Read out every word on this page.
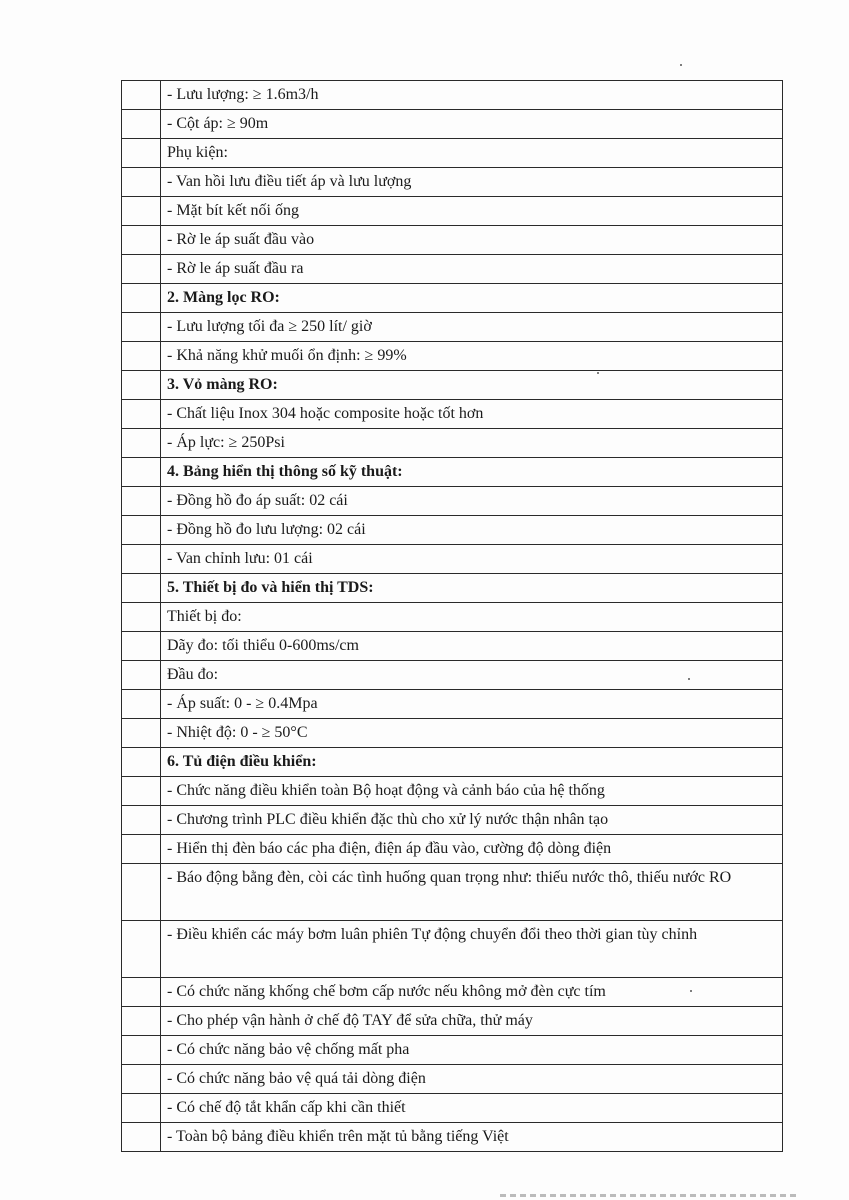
	- Lưu lượng: ≥ 1.6m3/h
	- Cột áp: ≥ 90m
	Phụ kiện:
	- Van hồi lưu điều tiết áp và lưu lượng
	- Mặt bít kết nối ống
	- Rờ le áp suất đầu vào
	- Rờ le áp suất đầu ra
	2. Màng lọc RO:
	- Lưu lượng tối đa ≥ 250 lít/ giờ
	- Khả năng khử muối ổn định: ≥ 99%
	3. Vỏ màng RO:
	- Chất liệu Inox 304 hoặc composite hoặc tốt hơn
	- Áp lực: ≥ 250Psi
	4. Bảng hiển thị thông số kỹ thuật:
	- Đồng hồ đo áp suất: 02 cái
	- Đồng hồ đo lưu lượng: 02 cái
	- Van chỉnh lưu: 01 cái
	5. Thiết bị đo và hiển thị TDS:
	Thiết bị đo:
	Dãy đo: tối thiểu 0-600ms/cm
	Đầu đo:
	- Áp suất: 0 - ≥ 0.4Mpa
	- Nhiệt độ: 0 - ≥ 50°C
	6. Tủ điện điều khiển:
	- Chức năng điều khiển toàn Bộ hoạt động và cảnh báo của hệ thống
	- Chương trình PLC điều khiển đặc thù cho xử lý nước thận nhân tạo
	- Hiển thị đèn báo các pha điện, điện áp đầu vào, cường độ dòng điện
	- Báo động bằng đèn, còi các tình huống quan trọng như: thiếu nước thô, thiếu nước RO
	- Điều khiển các máy bơm luân phiên Tự động chuyển đổi theo thời gian tùy chỉnh
	- Có chức năng khống chế bơm cấp nước nếu không mở đèn cực tím
	- Cho phép vận hành ở chế độ TAY để sửa chữa, thử máy
	- Có chức năng bảo vệ chống mất pha
	- Có chức năng bảo vệ quá tải dòng điện
	- Có chế độ tắt khẩn cấp khi cần thiết
	- Toàn bộ bảng điều khiển trên mặt tủ bằng tiếng Việt
